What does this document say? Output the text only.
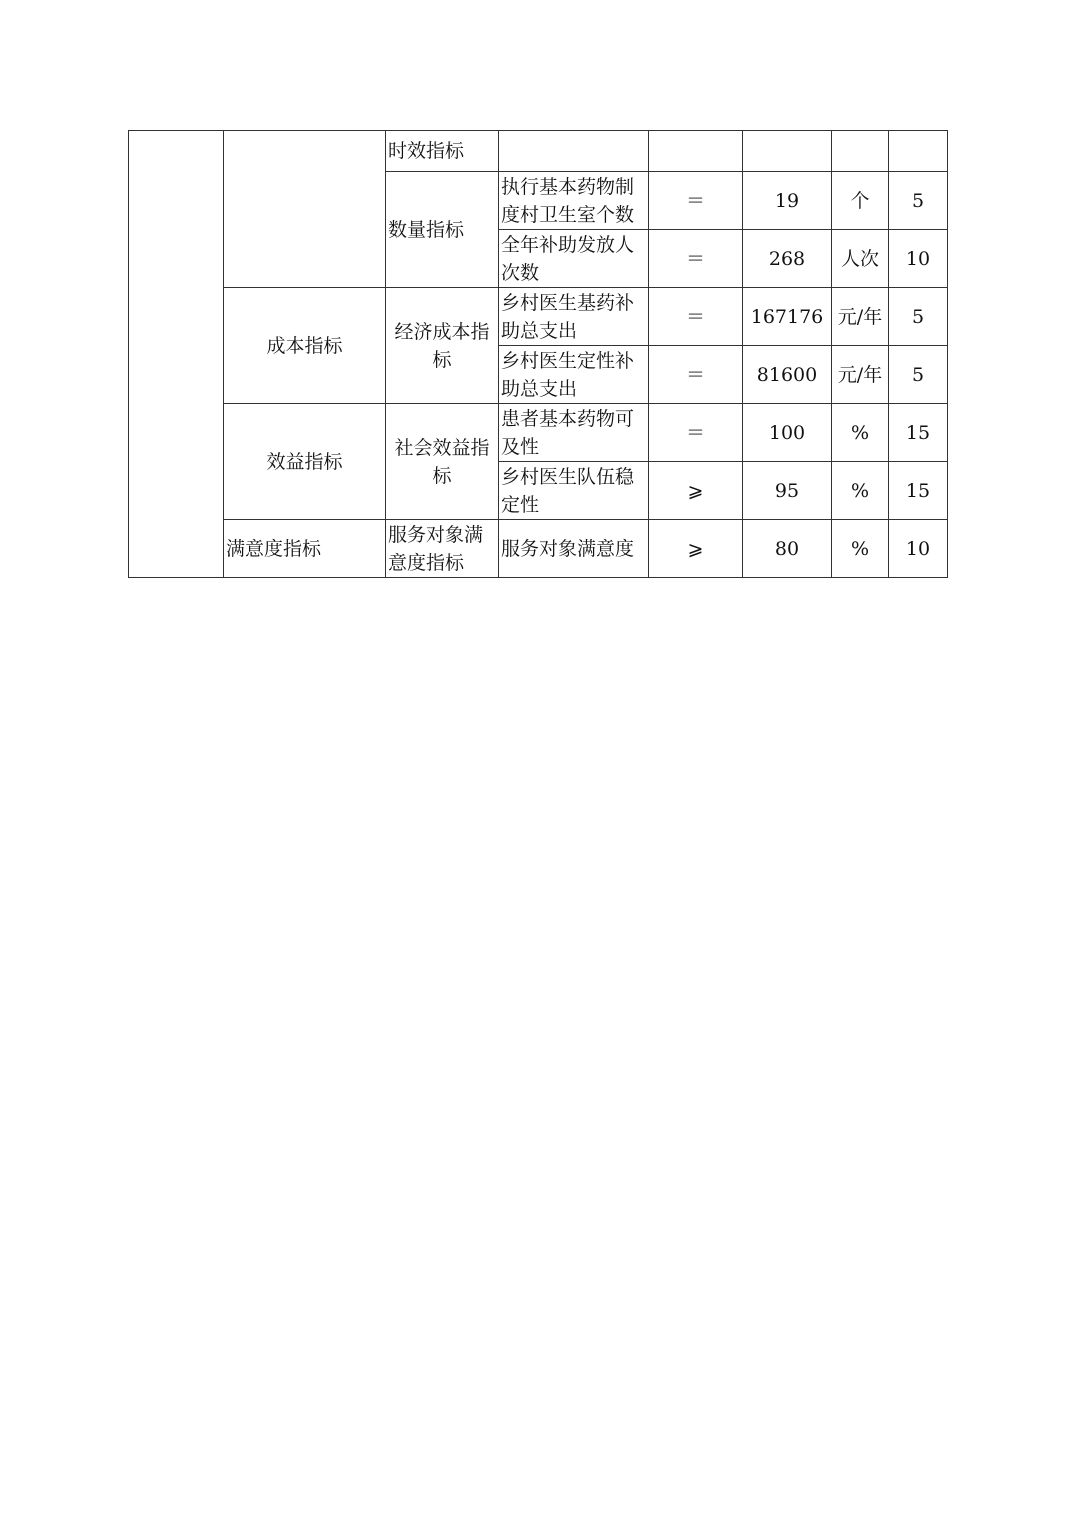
		时效指标					
		数量指标	执行基本药物制度村卫生室个数	＝	19	个	5
			全年补助发放人次数	＝	268	人次	10
	成本指标	经济成本指标	乡村医生基药补助总支出	＝	167176	元/年	5
			乡村医生定性补助总支出	＝	81600	元/年	5
	效益指标	社会效益指标	患者基本药物可及性	＝	100	%	15
			乡村医生队伍稳定性	⩾	95	%	15
	满意度指标	服务对象满意度指标	服务对象满意度	⩾	80	%	10
